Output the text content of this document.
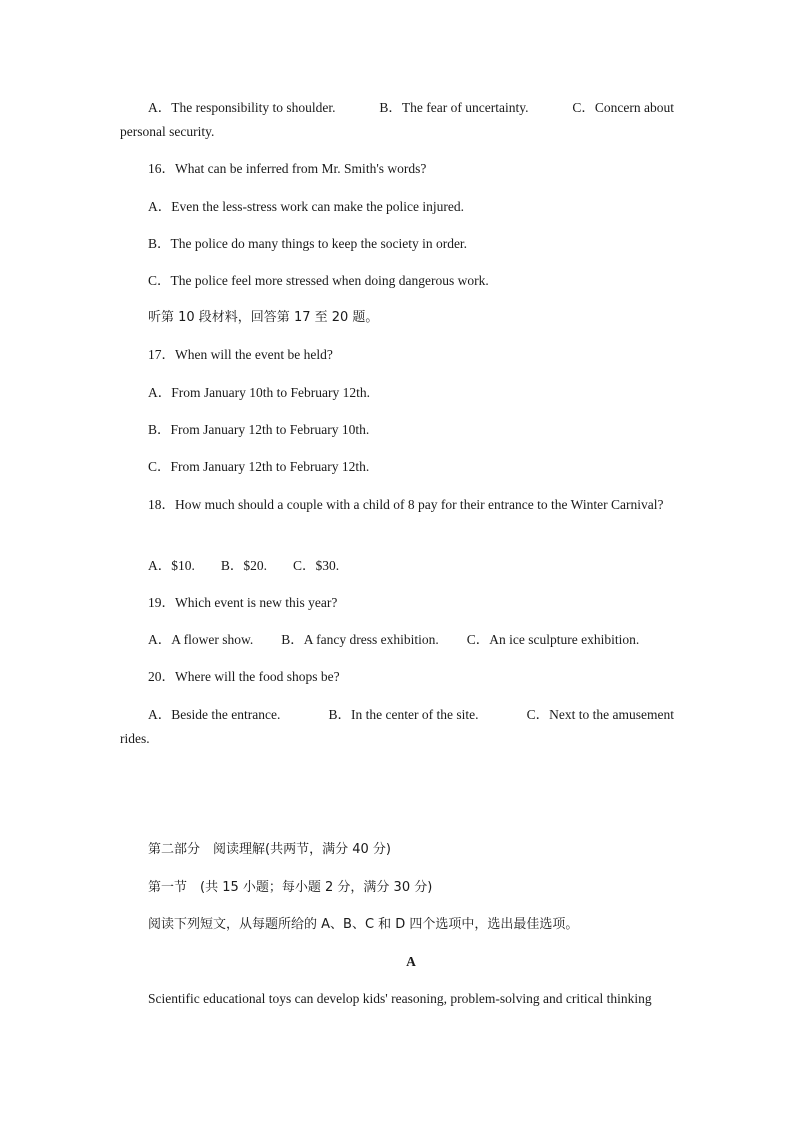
A．The responsibility to shoulder.	B．The fear of uncertainty.	C．Concern about
personal security.
16．What can be inferred from Mr. Smith's words?
A．Even the less-stress work can make the police injured.
B．The police do many things to keep the society in order.
C．The police feel more stressed when doing dangerous work.
听第 10 段材料，回答第 17 至 20 题。
17．When will the event be held?
A．From January 10th to February 12th.
B．From January 12th to February 10th.
C．From January 12th to February 12th.
18．How much should a couple with a child of 8 pay for their entrance to the Winter Carnival?
A．$10. B．$20. C．$30.
19．Which event is new this year?
A．A flower show. B．A fancy dress exhibition. C．An ice sculpture exhibition.
20．Where will the food shops be?
A．Beside the entrance.	B．In the center of the site.	C．Next to the amusement
rides.
第二部分　阅读理解(共两节，满分 40 分)
第一节　(共 15 小题；每小题 2 分，满分 30 分)
阅读下列短文，从每题所给的 A、B、C 和 D 四个选项中，选出最佳选项。
A
Scientific educational toys can develop kids' reasoning, problem-solving and critical thinking
